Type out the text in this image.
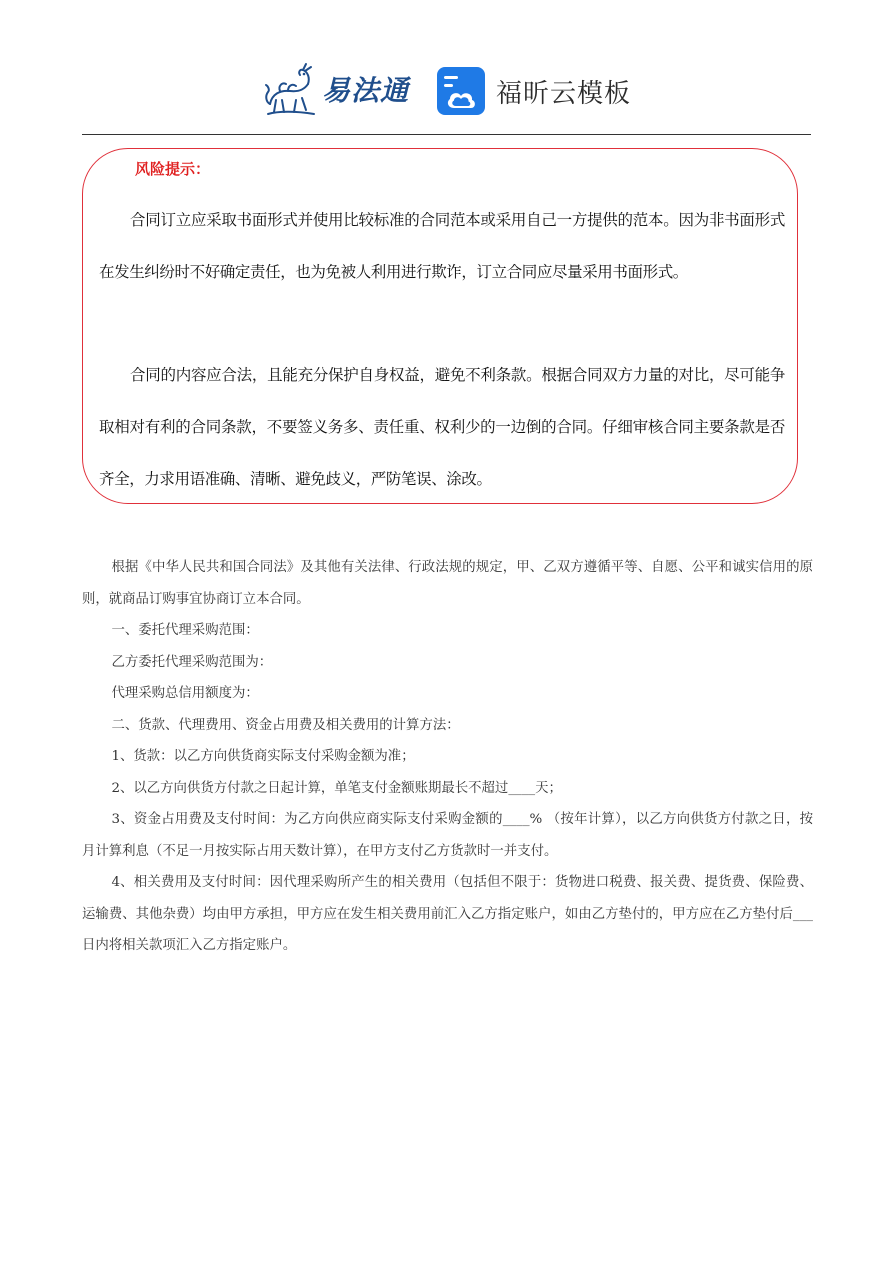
易法通	福昕云模板
风险提示：

合同订立应采取书面形式并使用比较标准的合同范本或采用自己一方提供的范本。因为非书面形式在发生纠纷时不好确定责任，也为免被人利用进行欺诈，订立合同应尽量采用书面形式。

合同的内容应合法，且能充分保护自身权益，避免不利条款。根据合同双方力量的对比，尽可能争取相对有利的合同条款，不要签义务多、责任重、权利少的一边倒的合同。仔细审核合同主要条款是否齐全，力求用语准确、清晰、避免歧义，严防笔误、涂改。

根据《中华人民共和国合同法》及其他有关法律、行政法规的规定，甲、乙双方遵循平等、自愿、公平和诚实信用的原则，就商品订购事宜协商订立本合同。

一、委托代理采购范围：

乙方委托代理采购范围为：

代理采购总信用额度为：

二、货款、代理费用、资金占用费及相关费用的计算方法：

1、货款：以乙方向供货商实际支付采购金额为准；

2、以乙方向供货方付款之日起计算，单笔支付金额账期最长不超过____天；

3、资金占用费及支付时间：为乙方向供应商实际支付采购金额的____% （按年计算），以乙方向供货方付款之日，按月计算利息（不足一月按实际占用天数计算），在甲方支付乙方货款时一并支付。

4、相关费用及支付时间：因代理采购所产生的相关费用（包括但不限于：货物进口税费、报关费、提货费、保险费、运输费、其他杂费）均由甲方承担，甲方应在发生相关费用前汇入乙方指定账户，如由乙方垫付的，甲方应在乙方垫付后___日内将相关款项汇入乙方指定账户。
